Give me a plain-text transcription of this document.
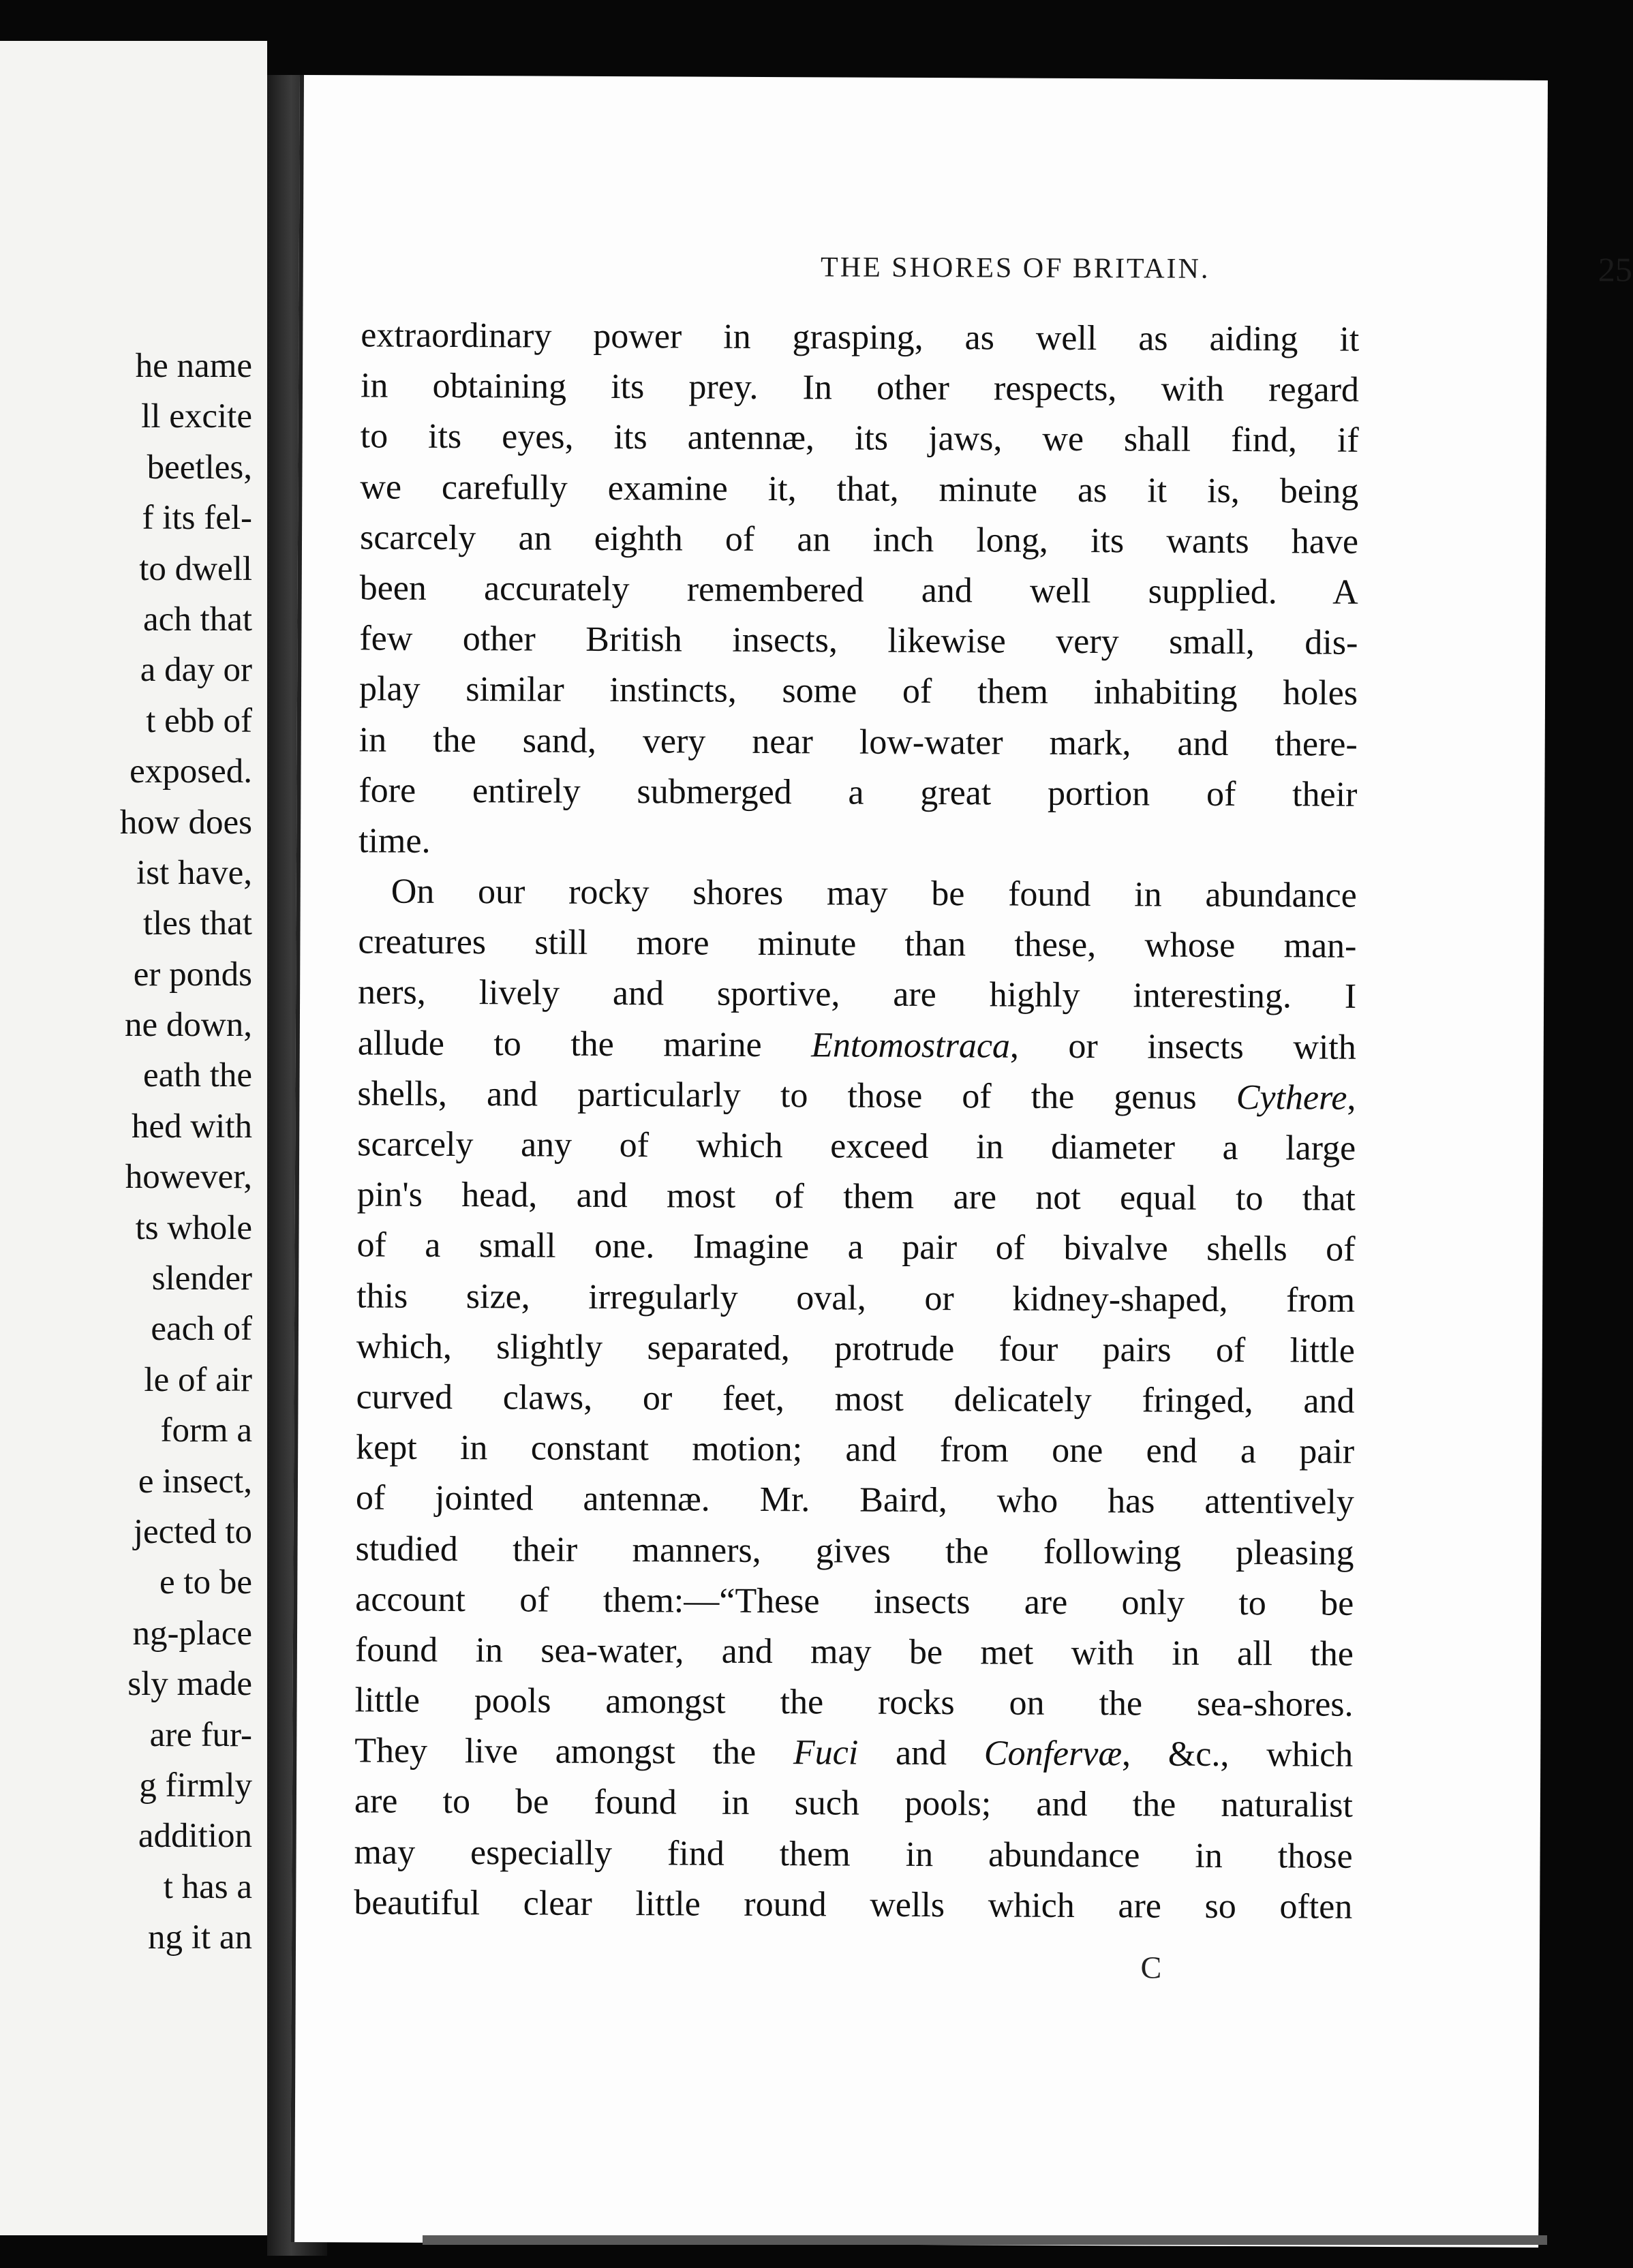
he name
ll excite
beetles,
f its fel-
to dwell
ach that
a day or
t ebb of
exposed.
how does
ist have,
tles that
er ponds
ne down,
eath the
hed with
however,
ts whole
slender
each of
le of air
form a
e insect,
jected to
e to be
ng-place
sly made
are fur-
g firmly
addition
t has a
ng it an
THE SHORES OF BRITAIN.	25
extraordinary power in grasping, as well as aiding it
in obtaining its prey. In other respects, with regard
to its eyes, its antennæ, its jaws, we shall find, if
we carefully examine it, that, minute as it is, being
scarcely an eighth of an inch long, its wants have
been accurately remembered and well supplied. A
few other British insects, likewise very small, dis-
play similar instincts, some of them inhabiting holes
in the sand, very near low-water mark, and there-
fore entirely submerged a great portion of their
time.
On our rocky shores may be found in abundance
creatures still more minute than these, whose man-
ners, lively and sportive, are highly interesting. I
allude to the marine Entomostraca, or insects with
shells, and particularly to those of the genus Cythere,
scarcely any of which exceed in diameter a large
pin's head, and most of them are not equal to that
of a small one. Imagine a pair of bivalve shells of
this size, irregularly oval, or kidney-shaped, from
which, slightly separated, protrude four pairs of little
curved claws, or feet, most delicately fringed, and
kept in constant motion; and from one end a pair
of jointed antennæ. Mr. Baird, who has attentively
studied their manners, gives the following pleasing
account of them:—“These insects are only to be
found in sea-water, and may be met with in all the
little pools amongst the rocks on the sea-shores.
They live amongst the Fuci and Confervæ, &c., which
are to be found in such pools; and the naturalist
may especially find them in abundance in those
beautiful clear little round wells which are so often
C
